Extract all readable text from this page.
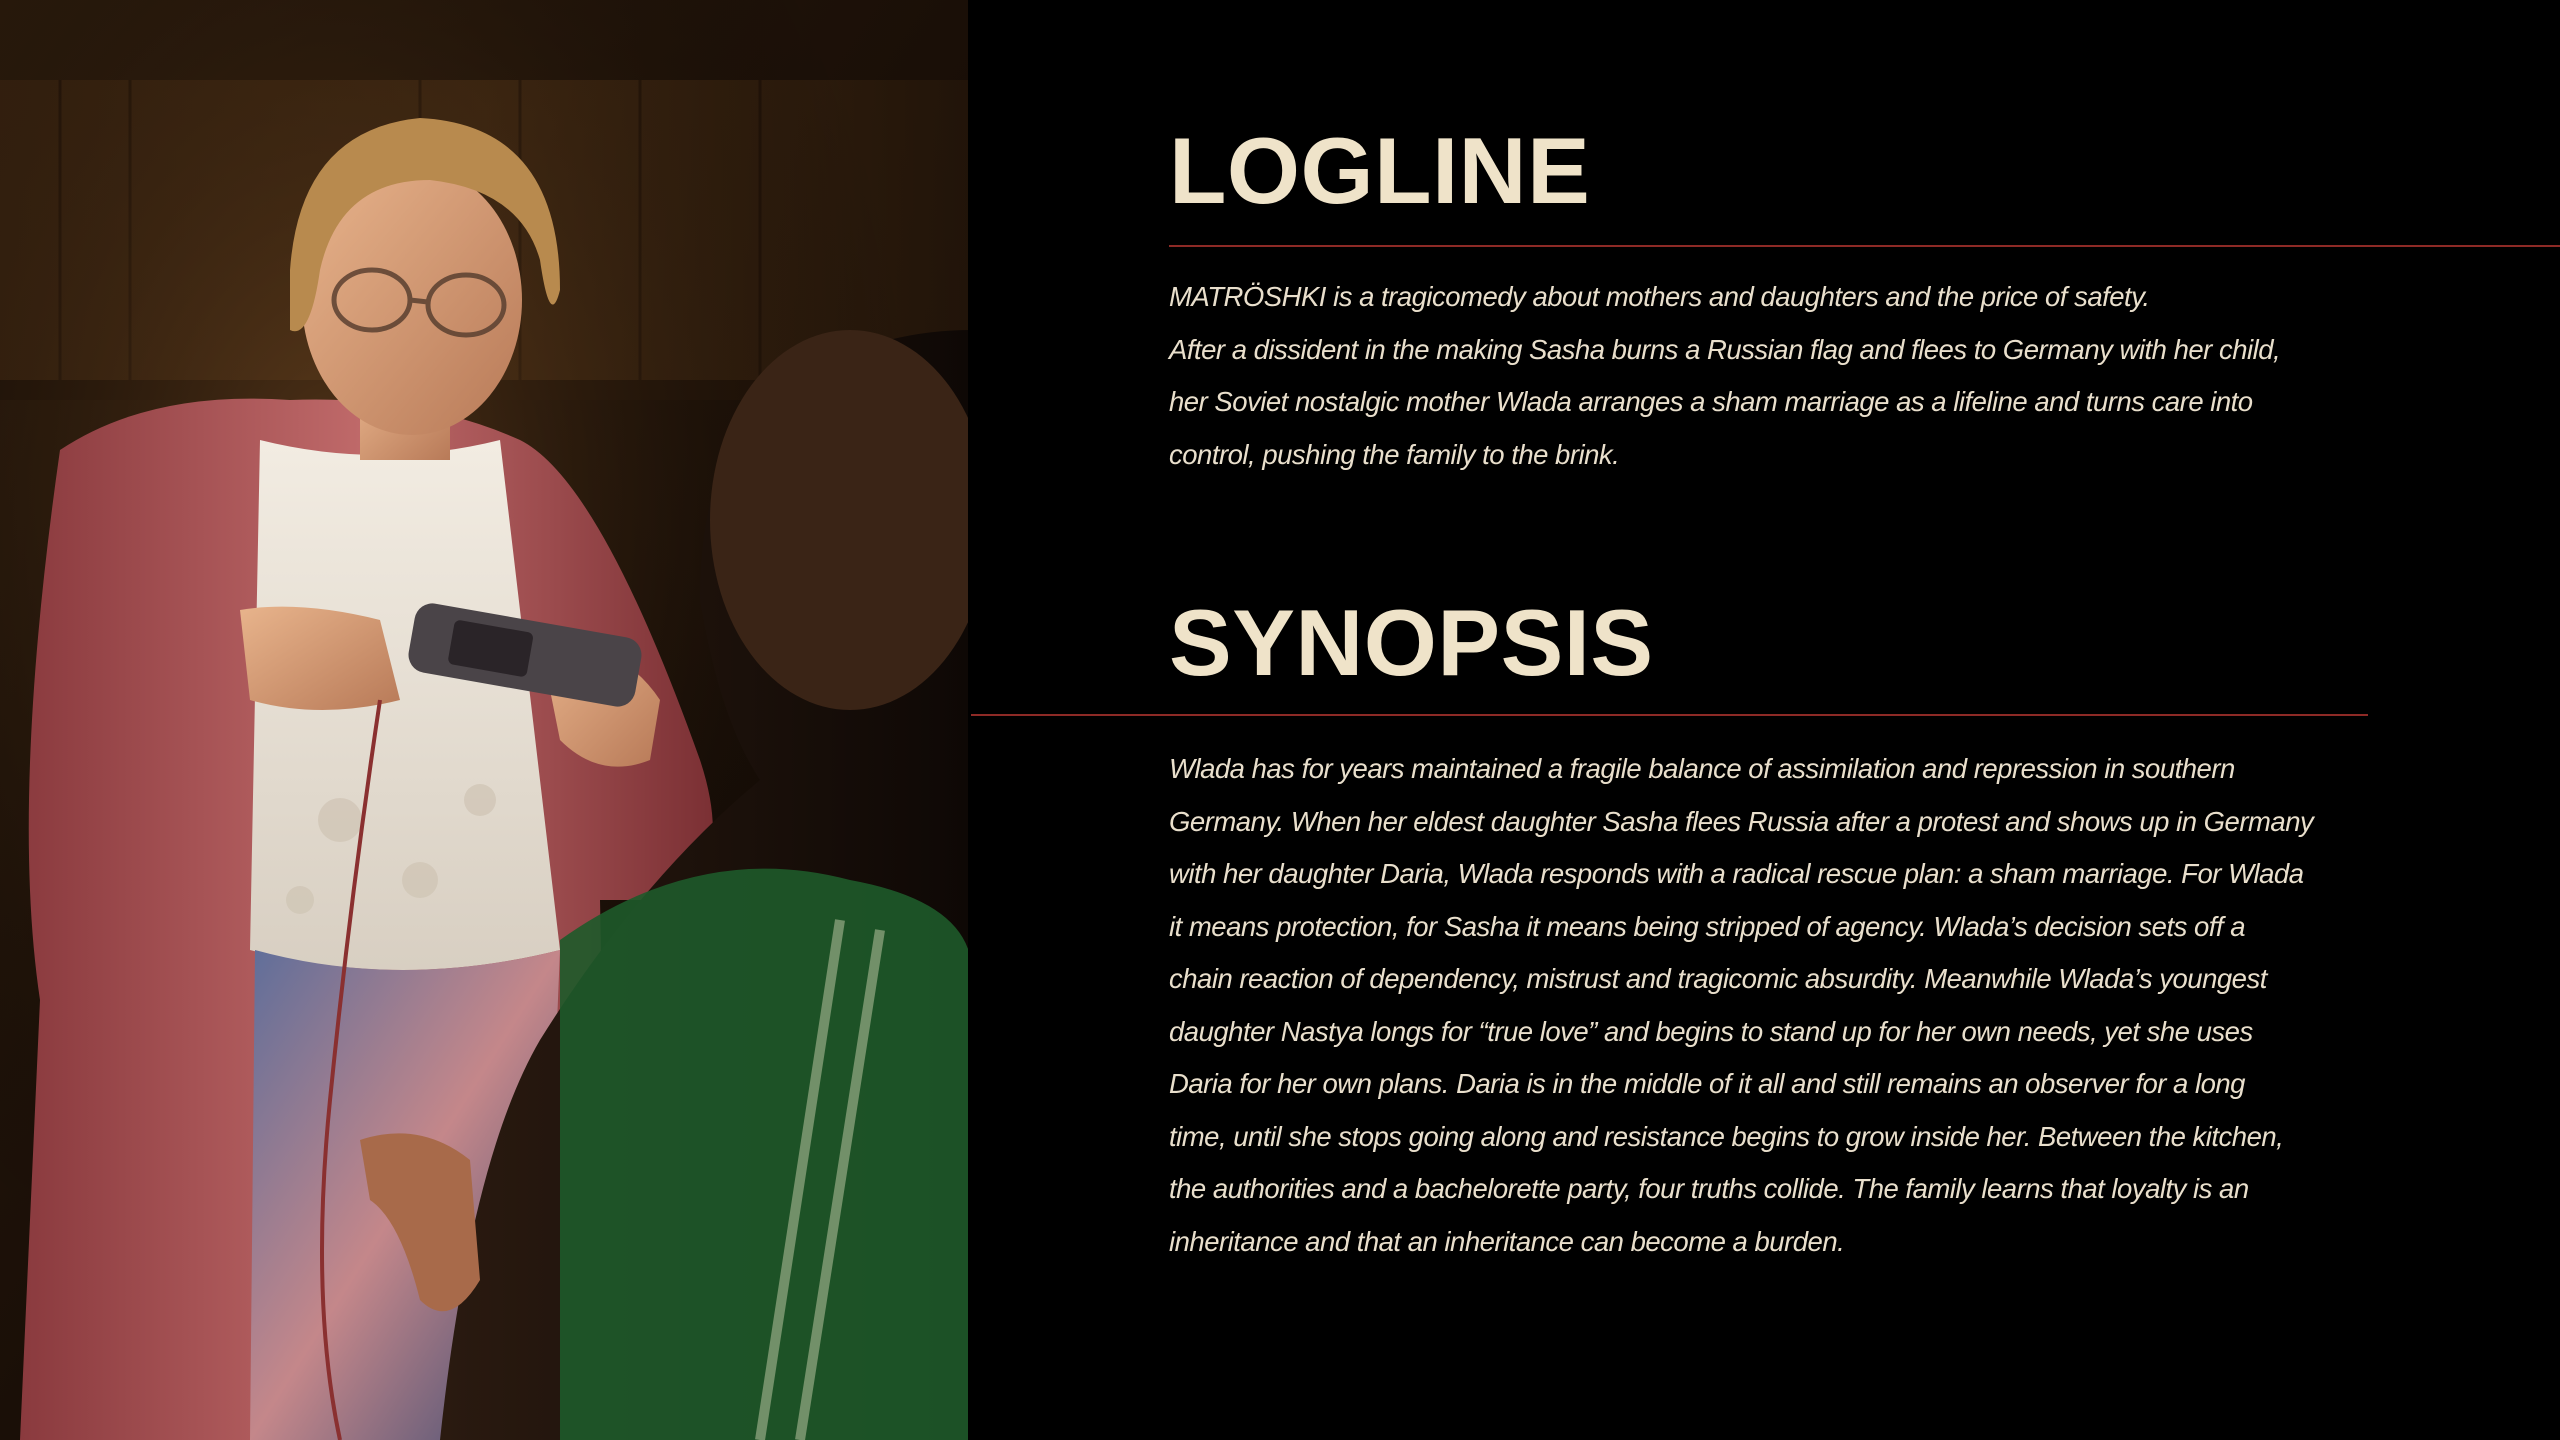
LOGLINE

MATRÖSHKI is a tragicomedy about mothers and daughters and the price of safety.
After a dissident in the making Sasha burns a Russian flag and flees to Germany with her child,
her Soviet nostalgic mother Wlada arranges a sham marriage as a lifeline and turns care into
control, pushing the family to the brink.

SYNOPSIS

Wlada has for years maintained a fragile balance of assimilation and repression in southern
Germany. When her eldest daughter Sasha flees Russia after a protest and shows up in Germany
with her daughter Daria, Wlada responds with a radical rescue plan: a sham marriage. For Wlada
it means protection, for Sasha it means being stripped of agency. Wlada’s decision sets off a
chain reaction of dependency, mistrust and tragicomic absurdity. Meanwhile Wlada’s youngest
daughter Nastya longs for “true love” and begins to stand up for her own needs, yet she uses
Daria for her own plans. Daria is in the middle of it all and still remains an observer for a long
time, until she stops going along and resistance begins to grow inside her. Between the kitchen,
the authorities and a bachelorette party, four truths collide. The family learns that loyalty is an
inheritance and that an inheritance can become a burden.
